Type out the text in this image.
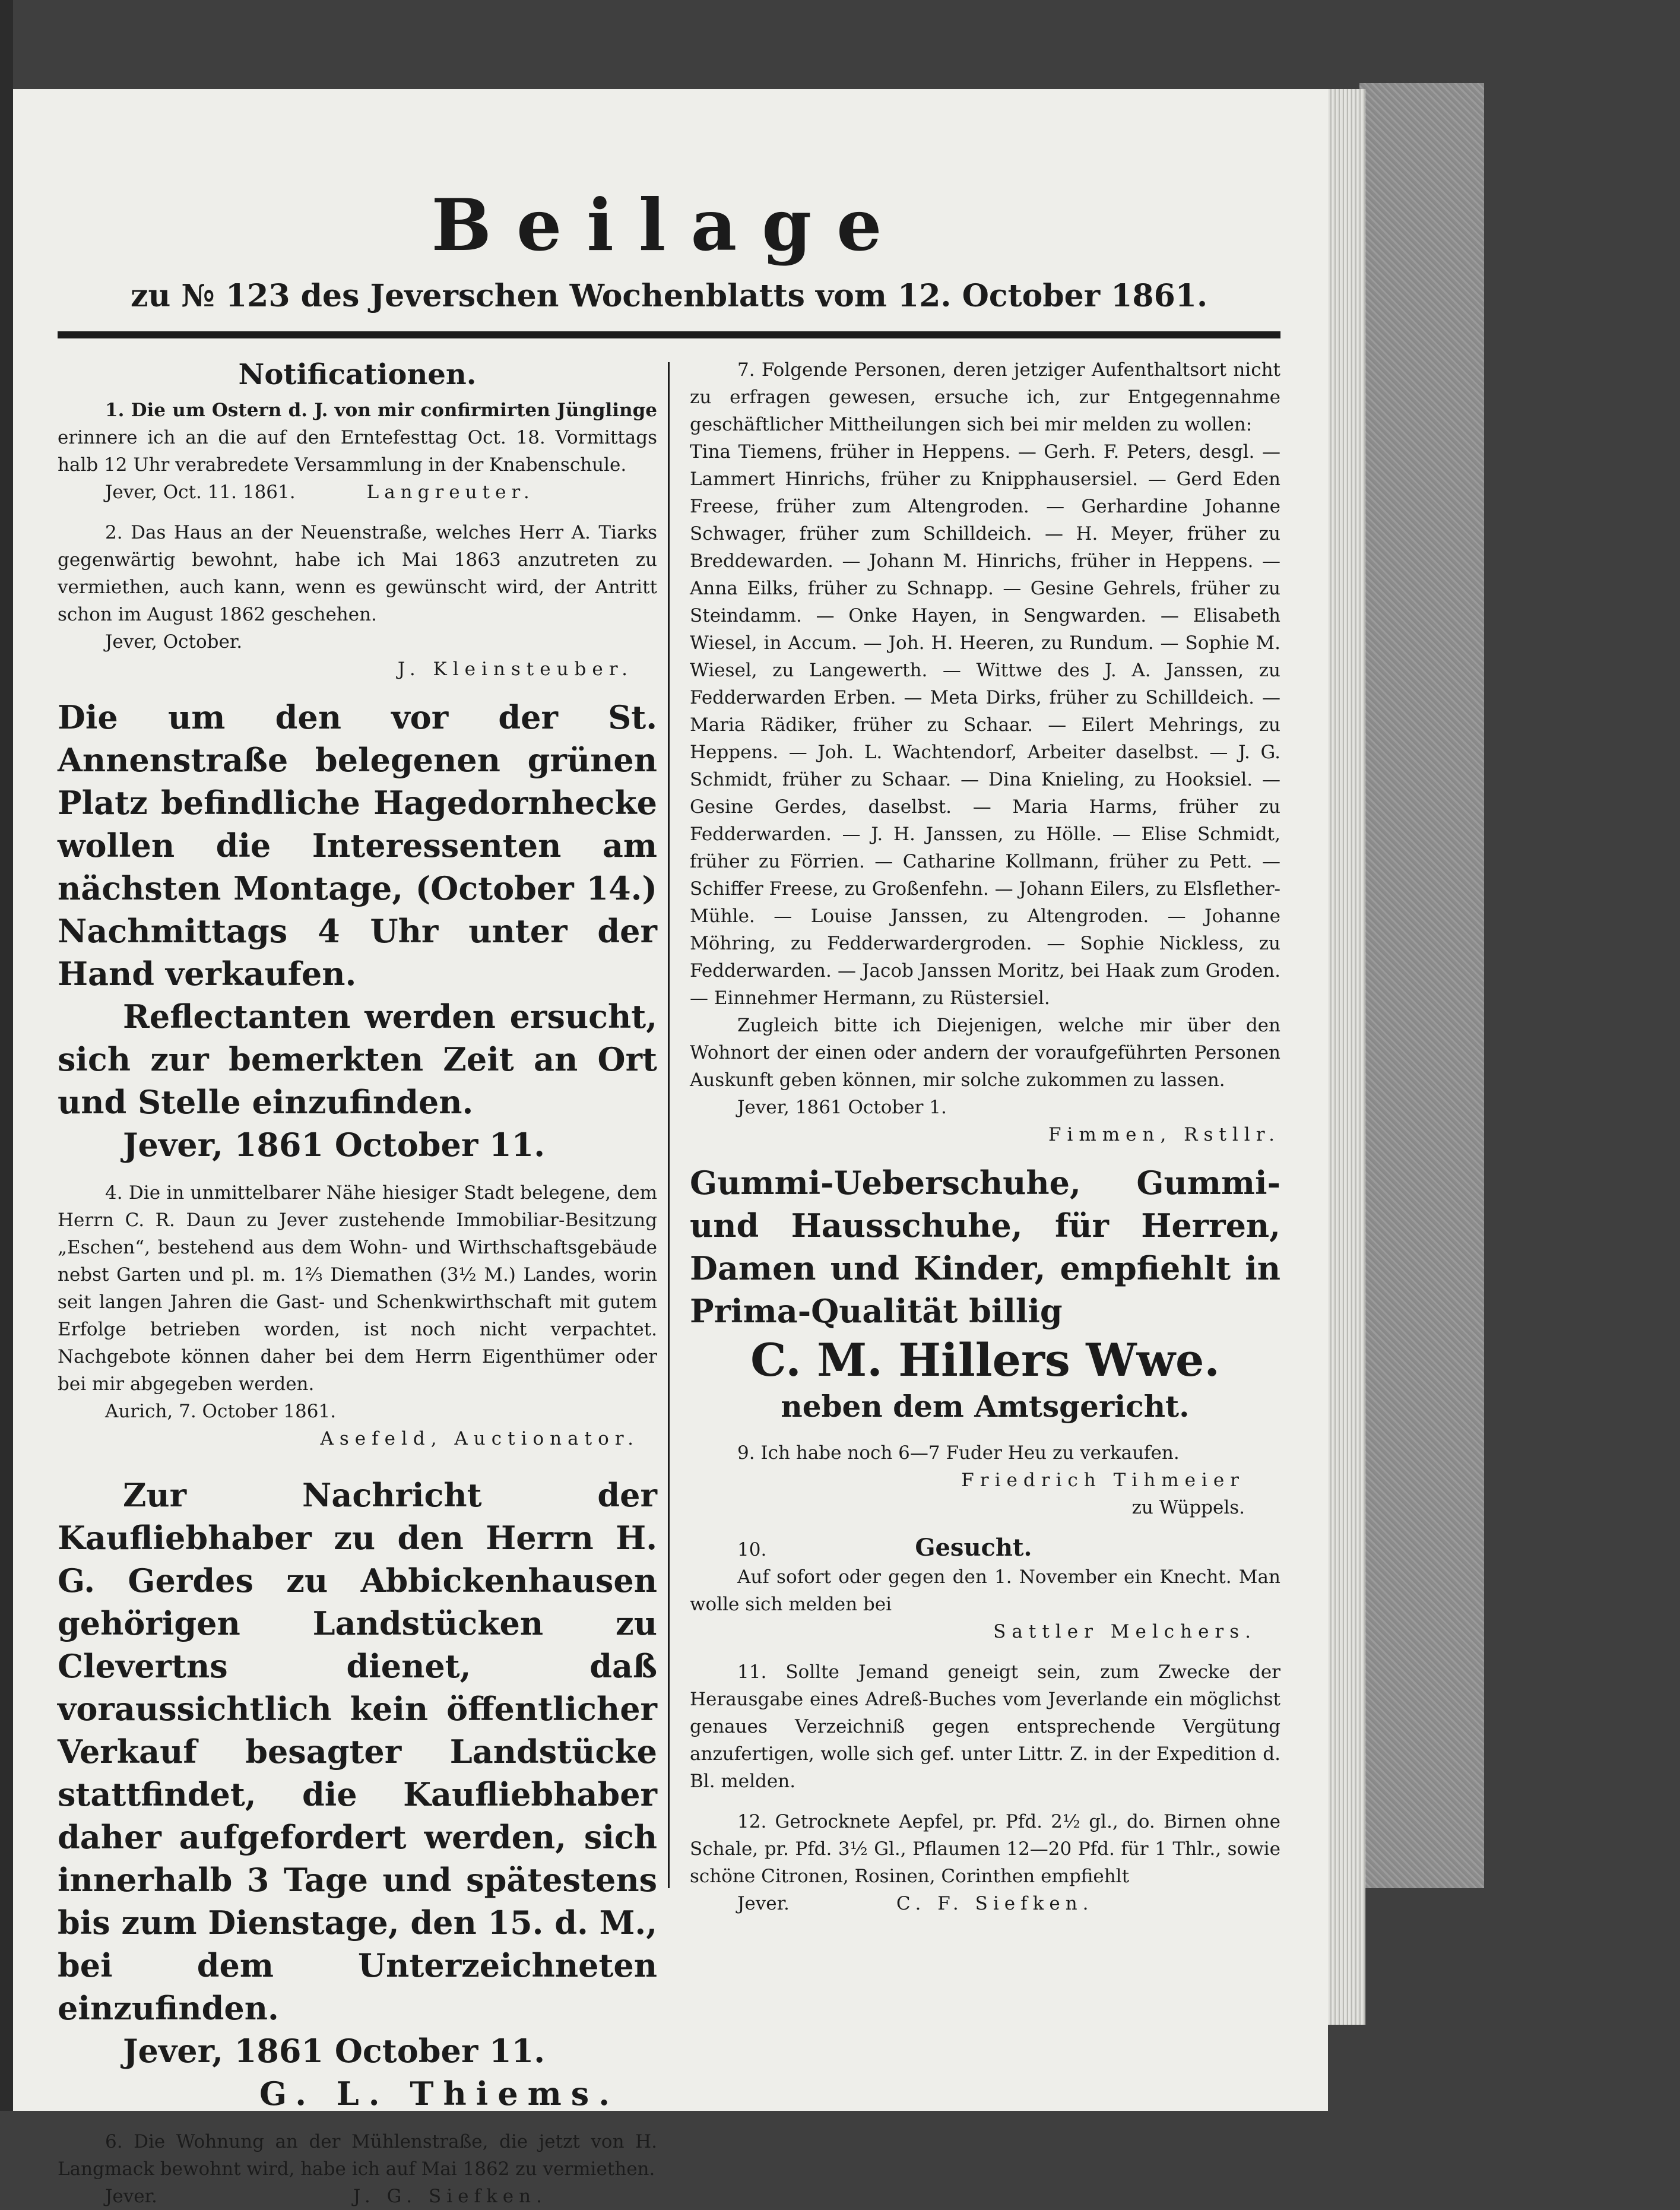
Beilage

zu № 123 des Jeverschen Wochenblatts vom 12. October 1861.

Notificationen.

1. Die um Ostern d. J. von mir confirmirten Jünglinge erinnere ich an die auf den Erntefesttag Oct. 18. Vormittags halb 12 Uhr verabredete Versammlung in der Knabenschule.

Jever, Oct. 11. 1861.	Langreuter.

2. Das Haus an der Neuenstraße, welches Herr A. Tiarks gegenwärtig bewohnt, habe ich Mai 1863 anzutreten zu vermiethen, auch kann, wenn es gewünscht wird, der Antritt schon im August 1862 geschehen.

Jever, October.

J. Kleinsteuber.

Die um den vor der St. Annenstraße belegenen grünen Platz befindliche Hagedornhecke wollen die Interessenten am nächsten Montage, (October 14.) Nachmittags 4 Uhr unter der Hand verkaufen.

Reflectanten werden ersucht, sich zur bemerkten Zeit an Ort und Stelle einzufinden.

Jever, 1861 October 11.

4. Die in unmittelbarer Nähe hiesiger Stadt belegene, dem Herrn C. R. Daun zu Jever zustehende Immobiliar-Besitzung „Eschen“, bestehend aus dem Wohn- und Wirthschaftsgebäude nebst Garten und pl. m. 1⅔ Diemathen (3½ M.) Landes, worin seit langen Jahren die Gast- und Schenkwirthschaft mit gutem Erfolge betrieben worden, ist noch nicht verpachtet. Nachgebote können daher bei dem Herrn Eigenthümer oder bei mir abgegeben werden.

Aurich, 7. October 1861.

Asefeld, Auctionator.

Zur Nachricht der Kaufliebhaber zu den Herrn H. G. Gerdes zu Abbickenhausen gehörigen Landstücken zu Clevertns dienet, daß voraussichtlich kein öffentlicher Verkauf besagter Landstücke stattfindet, die Kaufliebhaber daher aufgefordert werden, sich innerhalb 3 Tage und spätestens bis zum Dienstage, den 15. d. M., bei dem Unterzeichneten einzufinden.

Jever, 1861 October 11.

G. L. Thiems.

6. Die Wohnung an der Mühlenstraße, die jetzt von H. Langmack bewohnt wird, habe ich auf Mai 1862 zu vermiethen.

Jever.	J. G. Siefken.

7. Folgende Personen, deren jetziger Aufenthaltsort nicht zu erfragen gewesen, ersuche ich, zur Entgegennahme geschäftlicher Mittheilungen sich bei mir melden zu wollen:

Tina Tiemens, früher in Heppens. — Gerh. F. Peters, desgl. — Lammert Hinrichs, früher zu Knipphausersiel. — Gerd Eden Freese, früher zum Altengroden. — Gerhardine Johanne Schwager, früher zum Schilldeich. — H. Meyer, früher zu Breddewarden. — Johann M. Hinrichs, früher in Heppens. — Anna Eilks, früher zu Schnapp. — Gesine Gehrels, früher zu Steindamm. — Onke Hayen, in Sengwarden. — Elisabeth Wiesel, in Accum. — Joh. H. Heeren, zu Rundum. — Sophie M. Wiesel, zu Langewerth. — Wittwe des J. A. Janssen, zu Fedderwarden Erben. — Meta Dirks, früher zu Schilldeich. — Maria Rädiker, früher zu Schaar. — Eilert Mehrings, zu Heppens. — Joh. L. Wachtendorf, Arbeiter daselbst. — J. G. Schmidt, früher zu Schaar. — Dina Knieling, zu Hooksiel. — Gesine Gerdes, daselbst. — Maria Harms, früher zu Fedderwarden. — J. H. Janssen, zu Hölle. — Elise Schmidt, früher zu Förrien. — Catharine Kollmann, früher zu Pett. — Schiffer Freese, zu Großenfehn. — Johann Eilers, zu Elsflether-Mühle. — Louise Janssen, zu Altengroden. — Johanne Möhring, zu Fedderwardergroden. — Sophie Nickless, zu Fedderwarden. — Jacob Janssen Moritz, bei Haak zum Groden. — Einnehmer Hermann, zu Rüstersiel.

Zugleich bitte ich Diejenigen, welche mir über den Wohnort der einen oder andern der voraufgeführten Personen Auskunft geben können, mir solche zukommen zu lassen.

Jever, 1861 October 1.

Fimmen, Rstllr.

Gummi-Ueberschuhe, Gummi- und Hausschuhe, für Herren, Damen und Kinder, empfiehlt in Prima-Qualität billig

C. M. Hillers Wwe.

neben dem Amtsgericht.

9. Ich habe noch 6—7 Fuder Heu zu verkaufen.

Friedrich Tihmeier

zu Wüppels.

10.	Gesucht.

Auf sofort oder gegen den 1. November ein Knecht. Man wolle sich melden bei

Sattler Melchers.

11. Sollte Jemand geneigt sein, zum Zwecke der Herausgabe eines Adreß-Buches vom Jeverlande ein möglichst genaues Verzeichniß gegen entsprechende Vergütung anzufertigen, wolle sich gef. unter Littr. Z. in der Expedition d. Bl. melden.

12. Getrocknete Aepfel, pr. Pfd. 2½ gl., do. Birnen ohne Schale, pr. Pfd. 3½ Gl., Pflaumen 12—20 Pfd. für 1 Thlr., sowie schöne Citronen, Rosinen, Corinthen empfiehlt

Jever.	C. F. Siefken.
